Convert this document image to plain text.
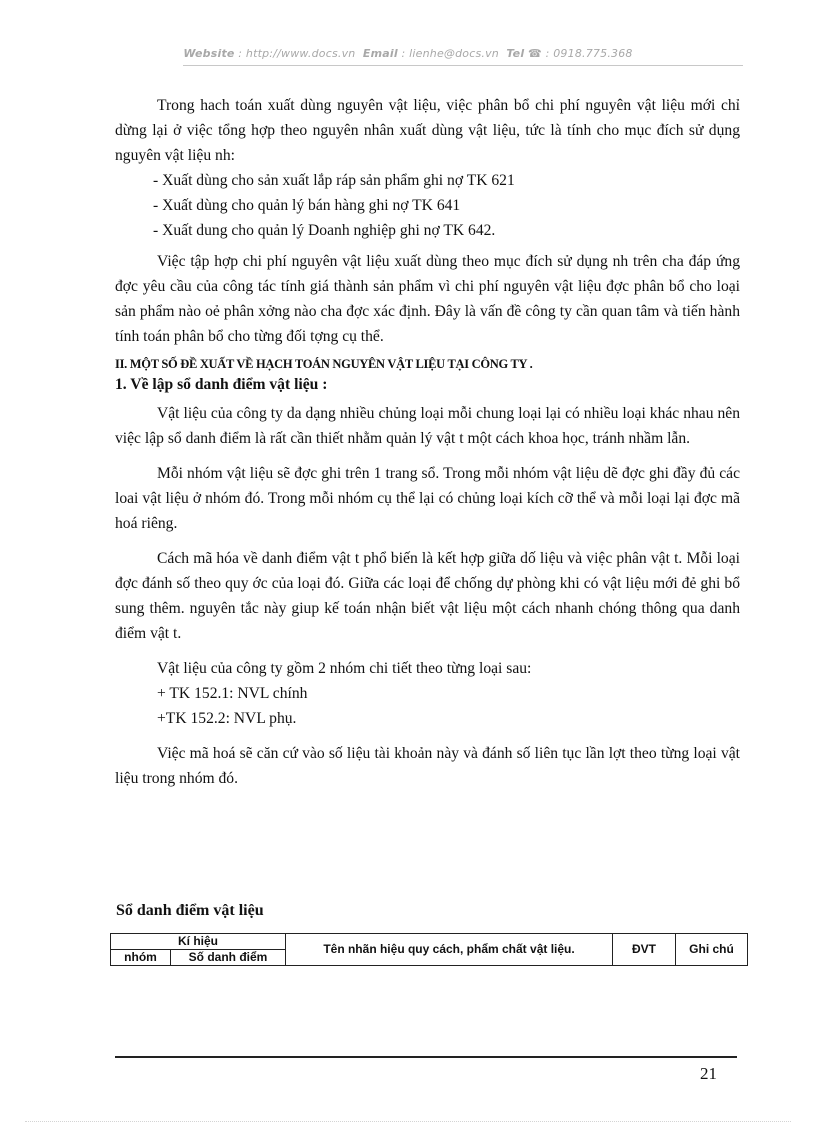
Website : http://www.docs.vn Email : lienhe@docs.vn Tel ☎ : 0918.775.368

Trong hach toán xuất dùng nguyên vật liệu, việc phân bổ chi phí nguyên vật liệu mới chỉ dừng lại ở việc tổng hợp theo nguyên nhân xuất dùng vật liệu, tức là tính cho mục đích sử dụng nguyên vật liệu nh:

- Xuất dùng cho sản xuất lắp ráp sản phẩm ghi nợ TK 621

- Xuất dùng cho quản lý bán hàng ghi nợ TK 641

- Xuất dung cho quản lý Doanh nghiệp ghi nợ TK 642.

Việc tập hợp chi phí nguyên vật liệu xuất dùng theo mục đích sử dụng nh trên cha đáp ứng đợc yêu cầu của công tác tính giá thành sản phẩm vì chi phí nguyên vật liệu đợc phân bổ cho loại sản phẩm nào oẻ phân xởng nào cha đợc xác định. Đây là vấn đề công ty cần quan tâm và tiến hành tính toán phân bổ cho từng đối tợng cụ thể.

II. MỘT SỐ ĐỀ XUẤT VỀ HẠCH TOÁN NGUYÊN VẬT LIỆU TẠI CÔNG TY .

1. Về lập sổ danh điểm vật liệu :

Vật liệu của công ty da dạng nhiều chủng loại mỗi chung loại lại có nhiều loại khác nhau nên việc lập sổ danh điểm là rất cần thiết nhằm quản lý vật t một cách khoa học, tránh nhầm lẫn.

Mỗi nhóm vật liệu sẽ đợc ghi trên 1 trang sổ. Trong mỗi nhóm vật liệu dẽ đợc ghi đầy đủ các loai vật liệu ở nhóm đó. Trong mỗi nhóm cụ thể lại có chủng loại kích cỡ thể và mỗi loại lại đợc mã hoá riêng.

Cách mã hóa về danh điểm vật t phổ biến là kết hợp giữa dố liệu và việc phân vật t. Mỗi loại đợc đánh số theo quy ớc của loại đó. Giữa các loại để chống dự phòng khi có vật liệu mới đẻ ghi bổ sung thêm. nguyên tắc này giup kế toán nhận biết vật liệu một cách nhanh chóng thông qua danh điểm vật t.

Vật liệu của công ty gồm 2 nhóm chi tiết theo từng loại sau:

+ TK 152.1: NVL chính

+TK 152.2: NVL phụ.

Việc mã hoá sẽ căn cứ vào số liệu tài khoản này và đánh số liên tục lần lợt theo từng loại vật liệu trong nhóm đó.

Sổ danh điểm vật liệu
Kí hiệu		Tên nhãn hiệu quy cách, phẩm chất vật liệu.	ĐVT	Ghi chú
nhóm	Số danh điểm			
21
